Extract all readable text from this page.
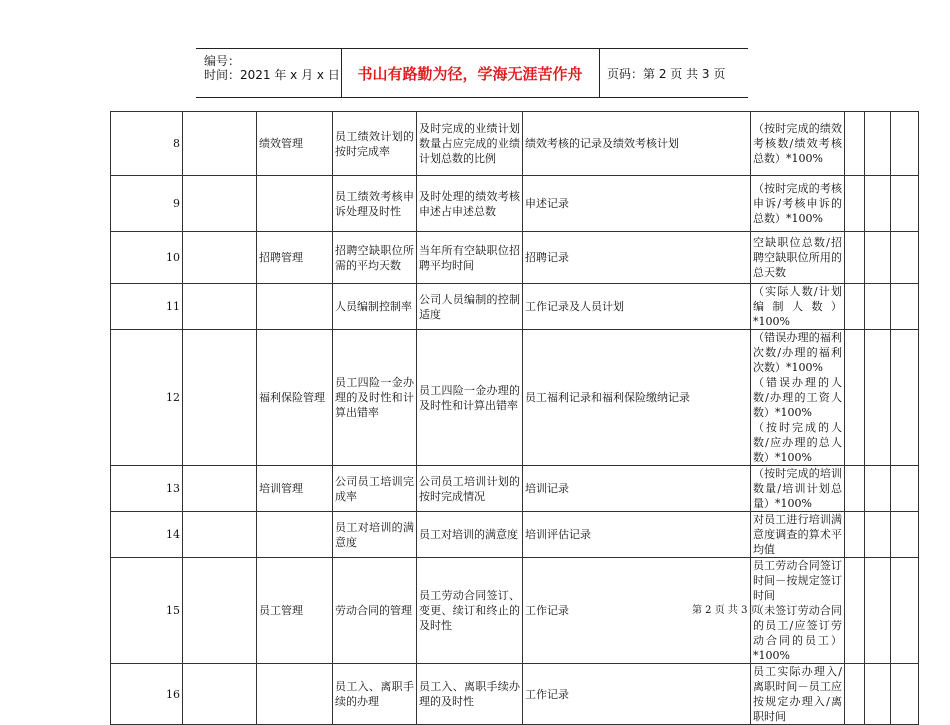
编号：
时间：2021 年 x 月 x 日	书山有路勤为径，学海无涯苦作舟	页码：第 2 页 共 3 页
8		绩效管理	员工绩效计划的按时完成率	及时完成的业绩计划数量占应完成的业绩计划总数的比例	绩效考核的记录及绩效考核计划	（按时完成的绩效考核数/绩效考核总数）*100%			
9			员工绩效考核申诉处理及时性	及时处理的绩效考核申述占申述总数	申述记录	（按时完成的考核申诉/考核申诉的总数）*100%			
10		招聘管理	招聘空缺职位所需的平均天数	当年所有空缺职位招聘平均时间	招聘记录	空缺职位总数/招聘空缺职位所用的总天数			
11			人员编制控制率	公司人员编制的控制适度	工作记录及人员计划	（实际人数/计划编制人数）*100%			
12		福利保险管理	员工四险一金办理的及时性和计算出错率	员工四险一金办理的及时性和计算出错率	员工福利记录和福利保险缴纳记录	（错误办理的福利次数/办理的福利次数）*100%
（错误办理的人数/办理的工资人数）*100%
（按时完成的人数/应办理的总人数）*100%			
13		培训管理	公司员工培训完成率	公司员工培训计划的按时完成情况	培训记录	（按时完成的培训数量/培训计划总量）*100%			
14			员工对培训的满意度	员工对培训的满意度	培训评估记录	对员工进行培训满意度调查的算术平均值			
15		员工管理	劳动合同的管理	员工劳动合同签订、变更、续订和终止的及时性	工作记录	员工劳动合同签订时间－按规定签订时间
（未签订劳动合同的员工/应签订劳动合同的员工）*100%			
16			员工入、离职手续的办理	员工入、离职手续办理的及时性	工作记录	员工实际办理入/离职时间－员工应按规定办理入/离职时间			
第 2 页 共 3 页
